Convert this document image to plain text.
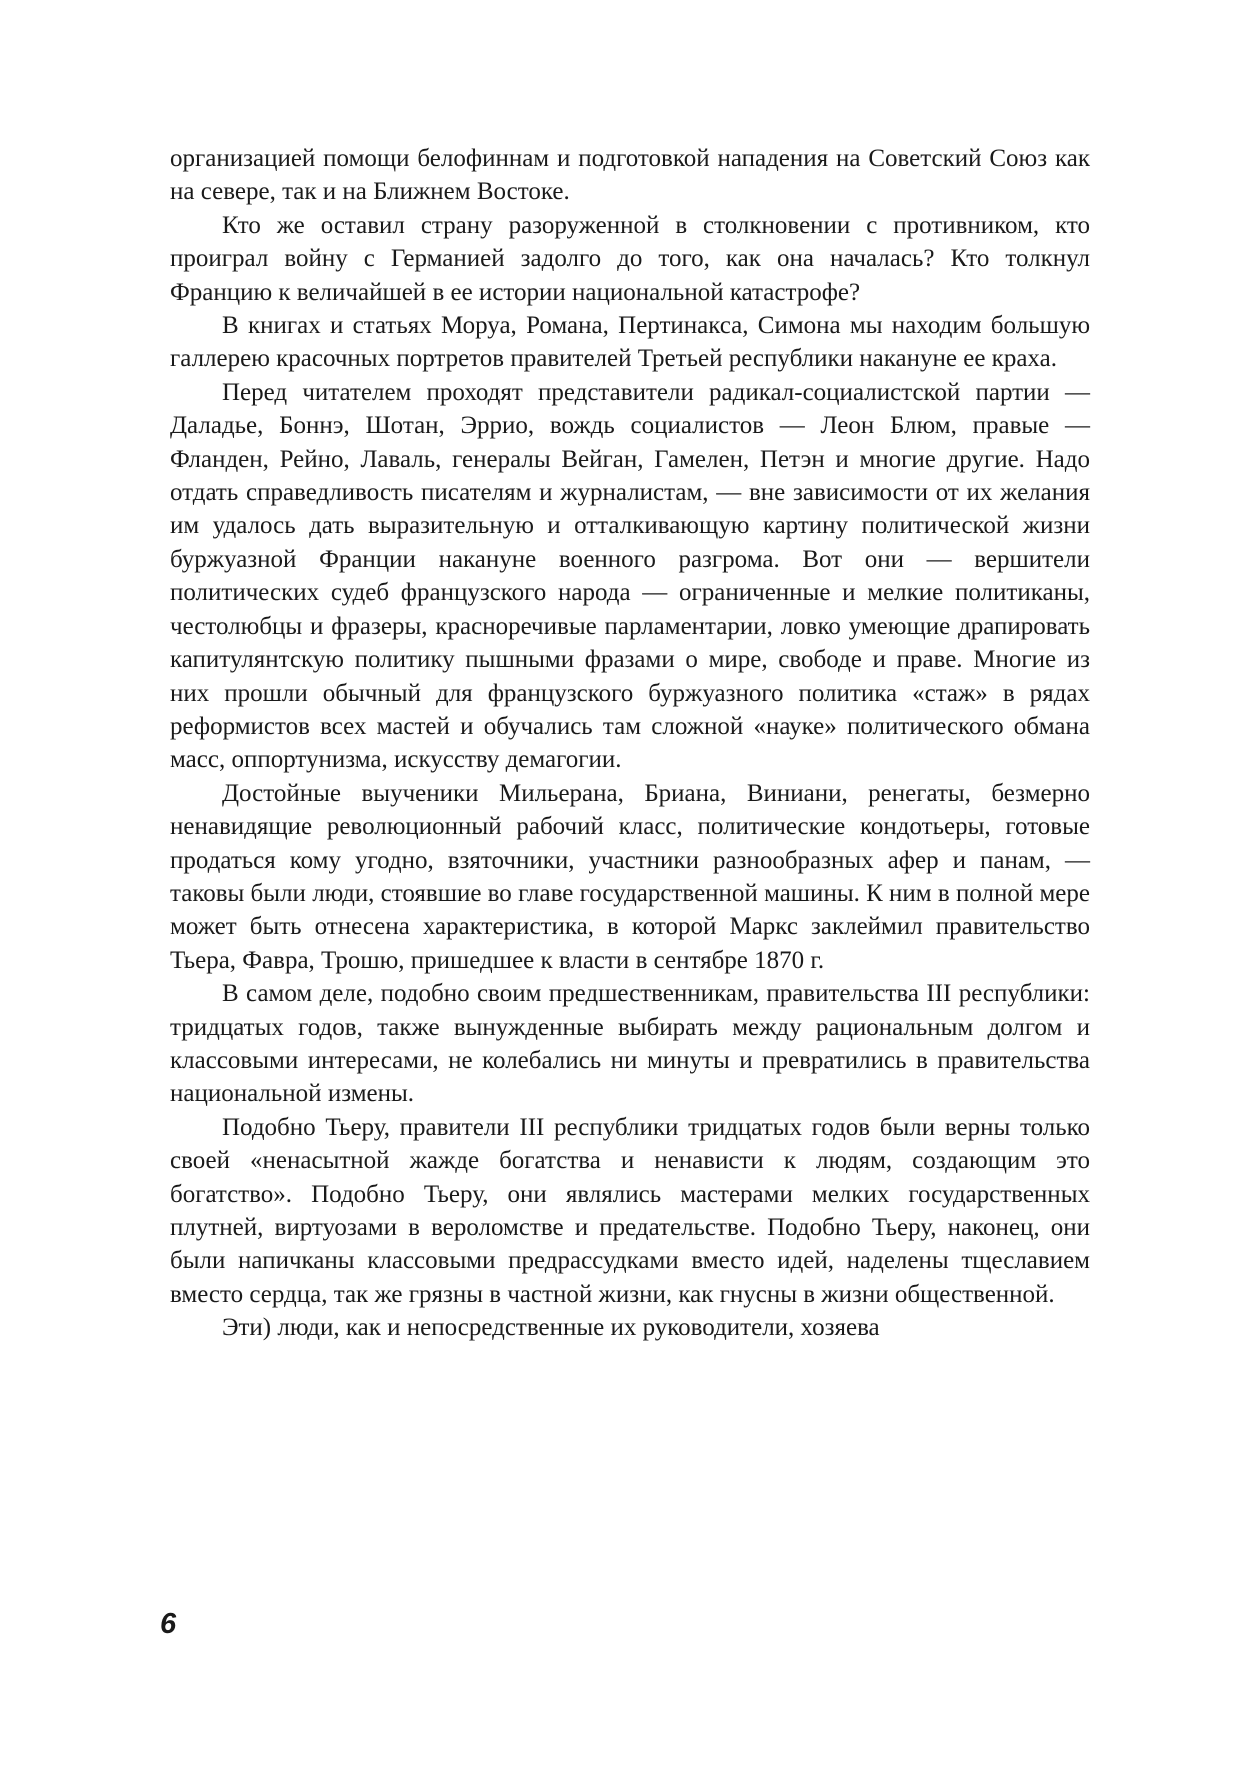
организацией помощи белофиннам и подготовкой нападения на Советский Союз как на севере, так и на Ближнем Востоке.

Кто же оставил страну разоруженной в столкновении с противником, кто проиграл войну с Германией задолго до того, как она началась? Кто толкнул Францию к величайшей в ее истории национальной катастрофе?

В книгах и статьях Моруа, Романа, Пертинакса, Симона мы находим большую галлерею красочных портретов правителей Третьей республики накануне ее краха.

Перед читателем проходят представители радикал-социалистской партии — Даладье, Боннэ, Шотан, Эррио, вождь социалистов — Леон Блюм, правые — Фланден, Рейно, Лаваль, генералы Вейган, Гамелен, Петэн и многие другие. Надо отдать справедливость писателям и журналистам, — вне зависимости от их желания им удалось дать выразительную и отталкивающую картину политической жизни буржуазной Франции накануне военного разгрома. Вот они — вершители политических судеб французского народа — ограниченные и мелкие политиканы, честолюбцы и фразеры, красноречивые парламентарии, ловко умеющие драпировать капитулянтскую политику пышными фразами о мире, свободе и праве. Многие из них прошли обычный для французского буржуазного политика «стаж» в рядах реформистов всех мастей и обучались там сложной «науке» политического обмана масс, оппортунизма, искусству демагогии.

Достойные выученики Мильерана, Бриана, Виниани, ренегаты, безмерно ненавидящие революционный рабочий класс, политические кондотьеры, готовые продаться кому угодно, взяточники, участники разнообразных афер и панам, — таковы были люди, стоявшие во главе государственной машины. К ним в полной мере может быть отнесена характеристика, в которой Маркс заклеймил правительство Тьера, Фавра, Трошю, пришедшее к власти в сентябре 1870 г.

В самом деле, подобно своим предшественникам, правительства III республики: тридцатых годов, также вынужденные выбирать между рациональным долгом и классовыми интересами, не колебались ни минуты и превратились в правительства национальной измены.

Подобно Тьеру, правители III республики тридцатых годов были верны только своей «ненасытной жажде богатства и ненависти к людям, создающим это богатство». Подобно Тьеру, они являлись мастерами мелких государственных плутней, виртуозами в вероломстве и предательстве. Подобно Тьеру, наконец, они были напичканы классовыми предрассудками вместо идей, наделены тщеславием вместо сердца, так же грязны в частной жизни, как гнусны в жизни общественной.

Эти) люди, как и непосредственные их руководители, хозяева

6
